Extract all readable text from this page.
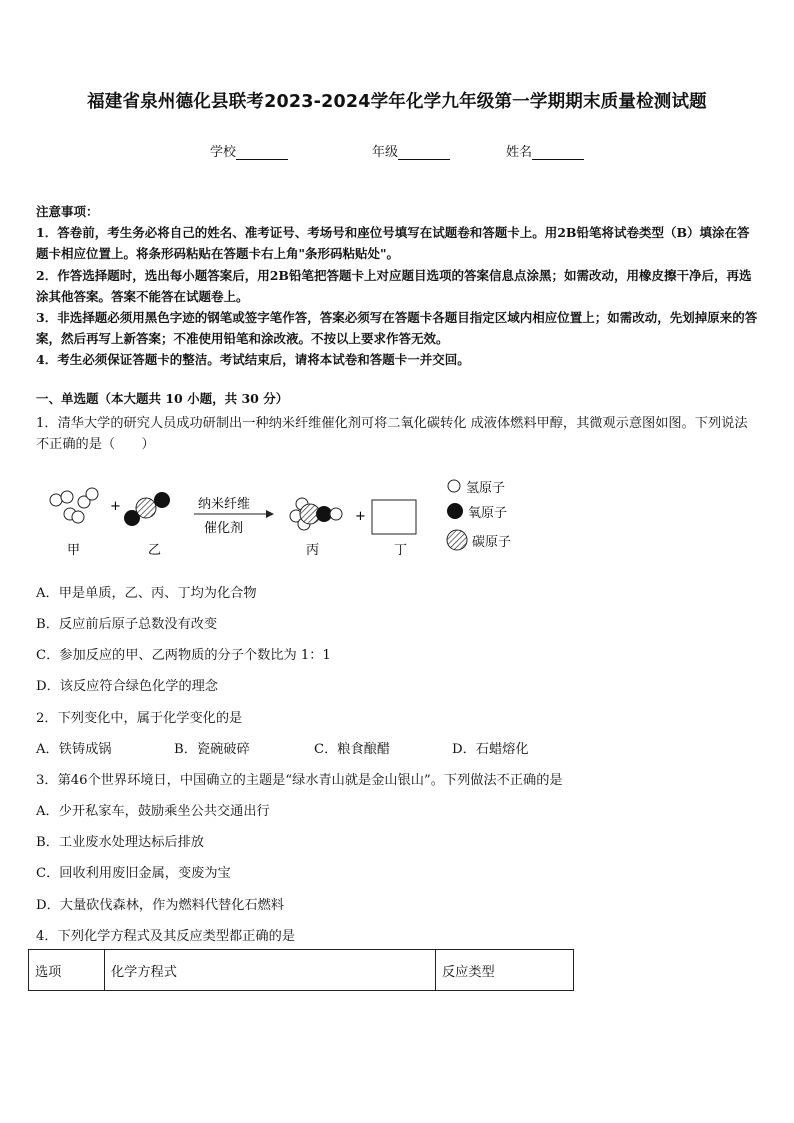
福建省泉州德化县联考2023-2024学年化学九年级第一学期期末质量检测试题
学校	年级	姓名

注意事项：

1．答卷前，考生务必将自己的姓名、准考证号、考场号和座位号填写在试题卷和答题卡上。用2B铅笔将试卷类型（B）填涂在答题卡相应位置上。将条形码粘贴在答题卡右上角"条形码粘贴处"。

2．作答选择题时，选出每小题答案后，用2B铅笔把答题卡上对应题目选项的答案信息点涂黑；如需改动，用橡皮擦干净后，再选涂其他答案。答案不能答在试题卷上。

3．非选择题必须用黑色字迹的钢笔或签字笔作答，答案必须写在答题卡各题目指定区域内相应位置上；如需改动，先划掉原来的答案，然后再写上新答案；不准使用铅笔和涂改液。不按以上要求作答无效。

4．考生必须保证答题卡的整洁。考试结束后，请将本试卷和答题卡一并交回。

一、单选题（本大题共 10 小题，共 30 分）
1．清华大学的研究人员成功研制出一种纳米纤维催化剂可将二氧化碳转化 成液体燃料甲醇，其微观示意图如图。下列说法不正确的是（　　）
+	纳米纤维
催化剂
+
甲	乙	丙	丁
氢原子
氧原子
碳原子
A．甲是单质，乙、丙、丁均为化合物
B．反应前后原子总数没有改变
C．参加反应的甲、乙两物质的分子个数比为 1：1
D．该反应符合绿色化学的理念
2．下列变化中，属于化学变化的是
A．铁铸成锅	B．瓷碗破碎	C．粮食酿醋	D．石蜡熔化
3．第46个世界环境日，中国确立的主题是“绿水青山就是金山银山”。下列做法不正确的是
A．少开私家车，鼓励乘坐公共交通出行
B．工业废水处理达标后排放
C．回收利用废旧金属，变废为宝
D．大量砍伐森林，作为燃料代替化石燃料
4．下列化学方程式及其反应类型都正确的是
选项	化学方程式	反应类型
